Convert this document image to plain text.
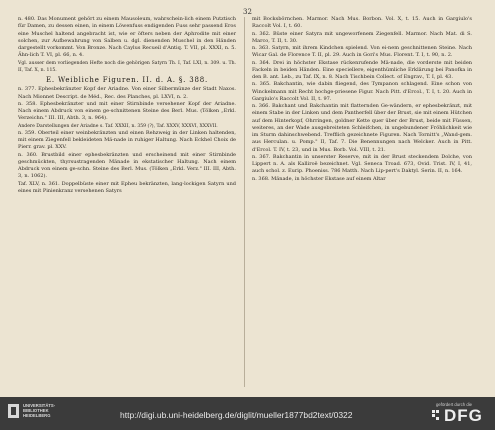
32

n. 480. Das Monument gehört zu einem Mausoleum, wahrschein-lich einem Putztisch für Damen, zu dessen einen, in einem Löwenfuss endigenden Fuss sehr passend Eros eine Muschel haltend angebracht ist, wie er öfters neben der Aphrodite mit einer solchen, zur Aufbewahrung von Salben u. dgl. dienenden Muschel in den Händen dargestellt vorkommt. Von Bronze. Nach Caylus Recueil d'Antiq. T. VII, pl. XXXI, n. 5. Ähn-lich T. VI, pl. 66, n. 4.

Vgl. ausser dem vorliegenden Hefte noch die gehörigen Satyrn Th. I, Taf. LXI, n. 309. u. Th. II, Taf. X, n. 115.

E. Weibliche Figuren. II. d. A. §. 388.

n. 377. Ephesbekränzter Kopf der Ariadne. Von einer Silbermünze der Stadt Naxos. Nach Mionnet Descript. de Méd., Rec. des Planches, pl. LXVI, n. 2.

n. 358. Ephesbekränzter und mit einer Stirnbinde versehener Kopf der Ariadne. Nach einem Abdruck von einem ge-schnittenen Steine des Berl. Mus. (Tölken „Erkl. Verzeichn." III. III, Abth. 3, n. 964).

Andere Darstellungen der Ariadne s. Taf. XXXII, n. 359 (?), Taf. XXXV, XXXVI, XXXVII.

n. 359. Oberteil einer weinbekränzten und einen Rehzweig in der Linken haltenden, mit einem Ziegenfell bekleideten Mä-nade in ruhiger Haltung. Nach Eckhel Choix de Pierr. grav. pl. XXV.

n. 360. Brustbild einer ephesbekränzten und erscheinend mit einer Stirnbinde geschmückten, thyrsustragenden Mänade in ekstatischer Haltung. Nach einem Abdruck von einem ge-schn. Steine des Berl. Mus. (Tölken „Erkl. Verz." III. III, Abth. 3, n. 1062).

Taf. XLV, n. 361. Doppelbüste einer mit Epheu bekränzten, lang-lockigen Satyrn und eines mit Pinienkranz versehenen Satyrs

mit Bocksbörnchen. Marmor. Nach Mus. Borbon. Vol. X, t. 15. Auch in Gargiulo's Raccolt Vol. I, t. 60.

n. 362. Büste einer Satyra mit ungeworfenem Ziegenfell. Marmor. Nach Mat. di S. Marco, T. II, t. 30.

n. 363. Satyrn, mit ihrem Kindchen spielend. Von ei-nem geschnittenen Steine. Nach Wicar Gal. de Florence T. II, pl. 29. Auch in Gori's Mus. Florent. T. I, t. 90, n. 2.

n. 364. Drei in höchster Ekstase rückenrufende Mä-nade, die vorderste mit beiden Fackeln in beiden Händen. Eine speciellere, eigenthümliche Erklärung bei Panofka in den B. ant. Leb., zu Taf. IX, n. 8. Nach Tischbein Collect. of Engrav., T. I, pl. 43.

n. 365. Bakchantin, wie dabin fliegend, des Tympanon schlagend. Eine schon von Winckelmann mit Recht hochge-priesene Figur. Nach Pitt. d'Ercol., T. I, t. 20. Auch in Gargiulo's Raccolt Vol. II, t. 97.

n. 366. Bakchant und Bakchantin mit flatternden Ge-wändern, er ephesbekränzt, mit einem Stabe in der Linken und dem Pantherfell über der Brust, sie mit einem Hütchen auf dem Hinterkopf, Ohrringen, goldner Kette quer über der Brust, beide mit Füssen, weiteres, an der Wade ausgebreiteten Schleifchen, in ungebundener Fröhlichkeit wie im Sturm dahinschwebend. Trefflich gezeichnete Figuren. Nach Tornitt's „Wand-gem. aus Herculan. u. Pomp." II, Taf. 7. Die Benennungen nach Welcker. Auch in Pitt. d'Ercol. T. IV, t. 23, und in Mus. Borb. Vol. VIII, t. 21.

n. 367. Bakchantin in unserster Reserve, mit in der Brust steckendem Dolche, von Lippert n. A. als Kalliroë bezeichnet. Vgl. Seneca Troad. 673, Ovid. Trist. IV, I, 41, auch schol. z. Eurip. Phoeniss. 786 Matth. Nach Lip-pert's Daktyl. Serin. II, n. 164.

n. 368. Mänade, in höchster Ekstase auf einem Altar

UNIVERSITÄTS-
BIBLIOTHEK
HEIDELBERG	http://digi.ub.uni-heidelberg.de/diglit/mueller1877bd2text/0322
gefördert durch die
DFG
